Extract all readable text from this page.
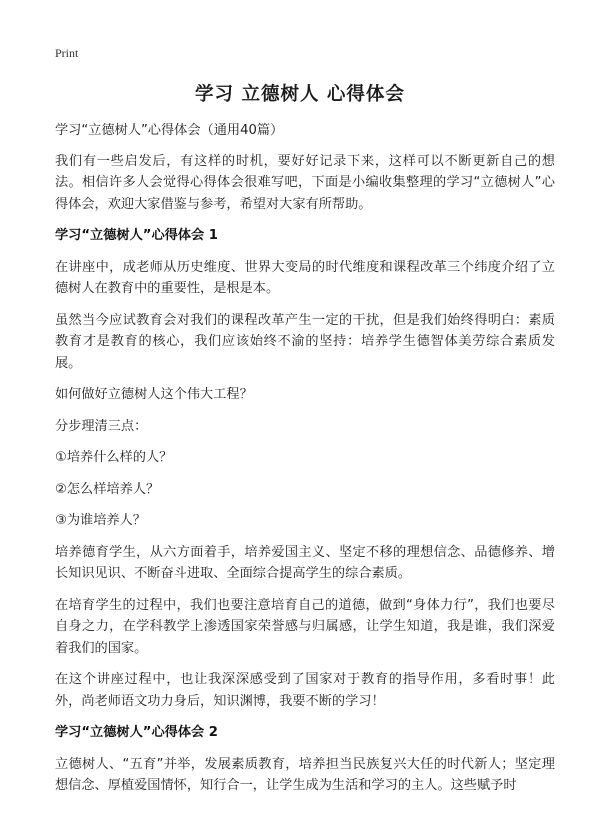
Print
学习 立德树人 心得体会

学习“立德树人”心得体会（通用40篇）

我们有一些启发后，有这样的时机，要好好记录下来，这样可以不断更新自己的想法。相信许多人会觉得心得体会很难写吧，下面是小编收集整理的学习“立德树人”心得体会，欢迎大家借鉴与参考，希望对大家有所帮助。

学习“立德树人”心得体会 1

在讲座中，成老师从历史维度、世界大变局的时代维度和课程改革三个纬度介绍了立德树人在教育中的重要性，是根是本。

虽然当今应试教育会对我们的课程改革产生一定的干扰，但是我们始终得明白：素质教育才是教育的核心，我们应该始终不渝的坚持：培养学生德智体美劳综合素质发展。

如何做好立德树人这个伟大工程？

分步理清三点：

①培养什么样的人？

②怎么样培养人？

③为谁培养人？

培养德育学生，从六方面着手，培养爱国主义、坚定不移的理想信念、品德修养、增长知识见识、不断奋斗进取、全面综合提高学生的综合素质。

在培育学生的过程中，我们也要注意培育自己的道德，做到“身体力行”，我们也要尽自身之力，在学科教学上渗透国家荣誉感与归属感，让学生知道，我是谁，我们深爱着我们的国家。

在这个讲座过程中，也让我深深感受到了国家对于教育的指导作用，多看时事！此外，尚老师语文功力身后，知识渊博，我要不断的学习！

学习“立德树人”心得体会 2

立德树人、“五育”并举，发展素质教育，培养担当民族复兴大任的时代新人；坚定理想信念、厚植爱国情怀，知行合一，让学生成为生活和学习的主人。这些赋予时
